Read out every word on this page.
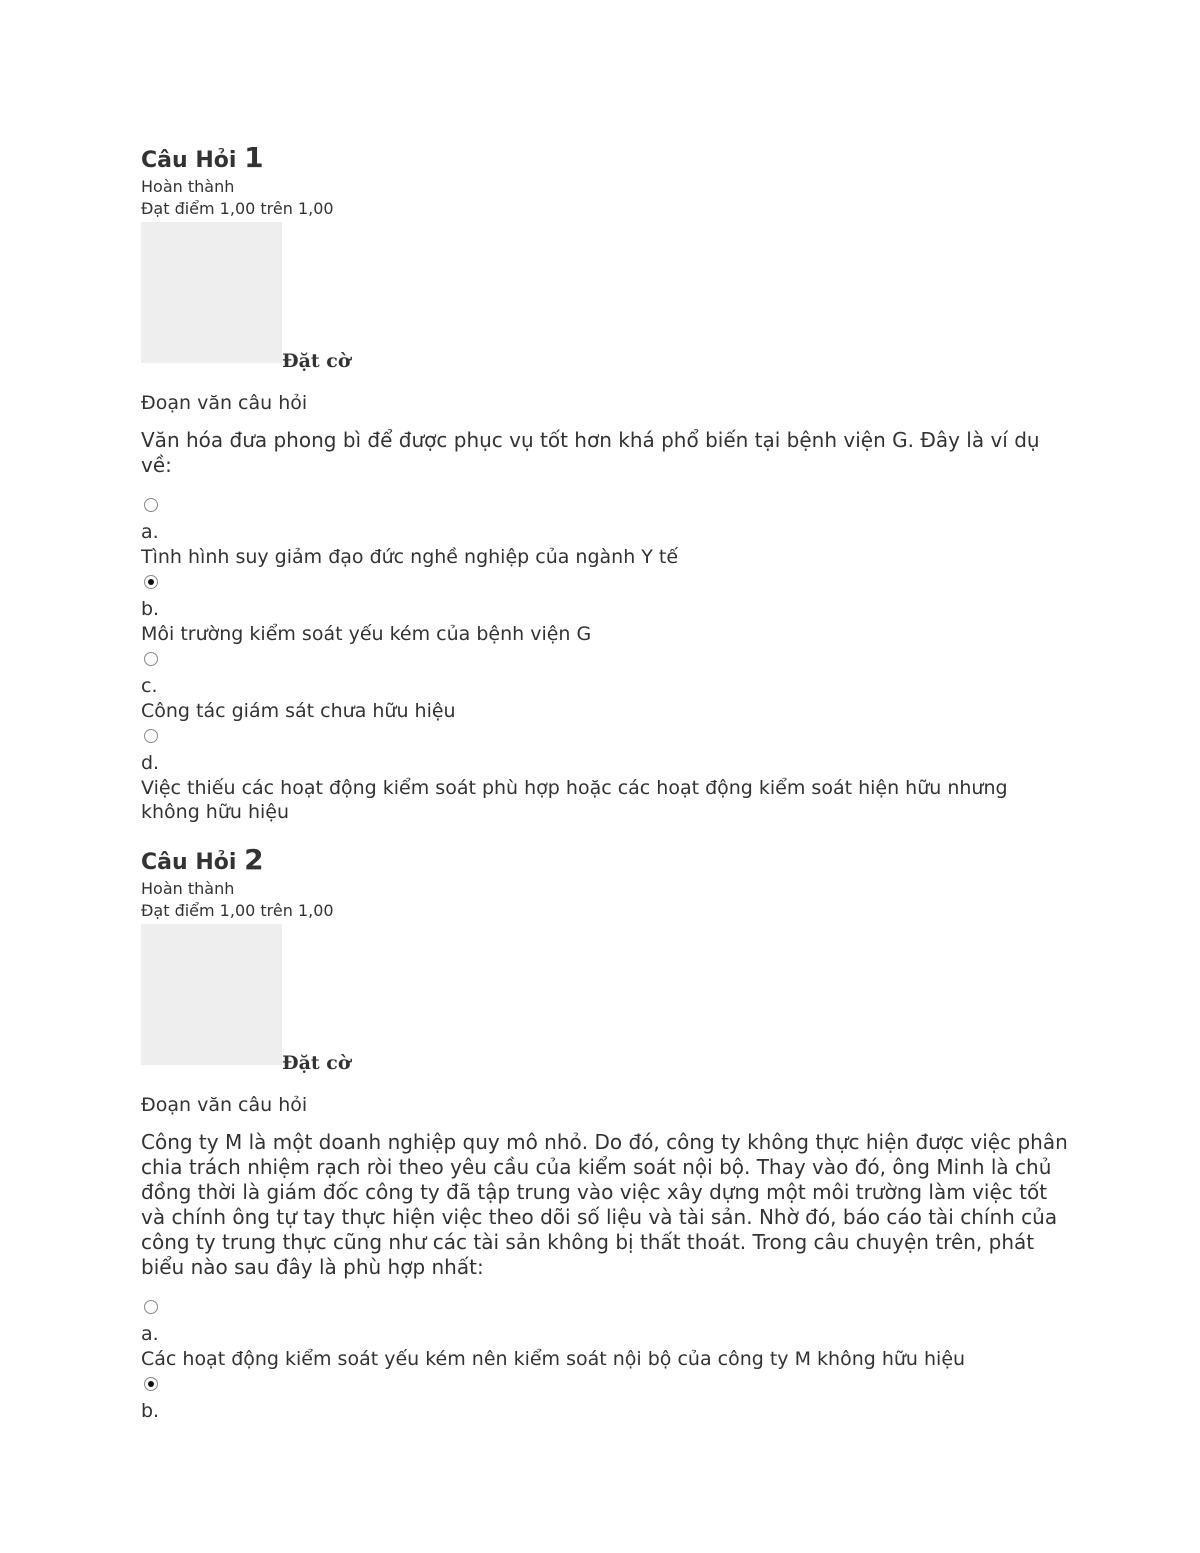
Câu Hỏi 1
Hoàn thành
Đạt điểm 1,00 trên 1,00
Đặt cờ
Đoạn văn câu hỏi
Văn hóa đưa phong bì để được phục vụ tốt hơn khá phổ biến tại bệnh viện G. Đây là ví dụ về:
a.
Tình hình suy giảm đạo đức nghề nghiệp của ngành Y tế
b.
Môi trường kiểm soát yếu kém của bệnh viện G
c.
Công tác giám sát chưa hữu hiệu
d.
Việc thiếu các hoạt động kiểm soát phù hợp hoặc các hoạt động kiểm soát hiện hữu nhưng không hữu hiệu
Câu Hỏi 2
Hoàn thành
Đạt điểm 1,00 trên 1,00
Đặt cờ
Đoạn văn câu hỏi
Công ty M là một doanh nghiệp quy mô nhỏ. Do đó, công ty không thực hiện được việc phân chia trách nhiệm rạch ròi theo yêu cầu của kiểm soát nội bộ. Thay vào đó, ông Minh là chủ đồng thời là giám đốc công ty đã tập trung vào việc xây dựng một môi trường làm việc tốt và chính ông tự tay thực hiện việc theo dõi số liệu và tài sản. Nhờ đó, báo cáo tài chính của công ty trung thực cũng như các tài sản không bị thất thoát. Trong câu chuyện trên, phát biểu nào sau đây là phù hợp nhất:
a.
Các hoạt động kiểm soát yếu kém nên kiểm soát nội bộ của công ty M không hữu hiệu
b.
